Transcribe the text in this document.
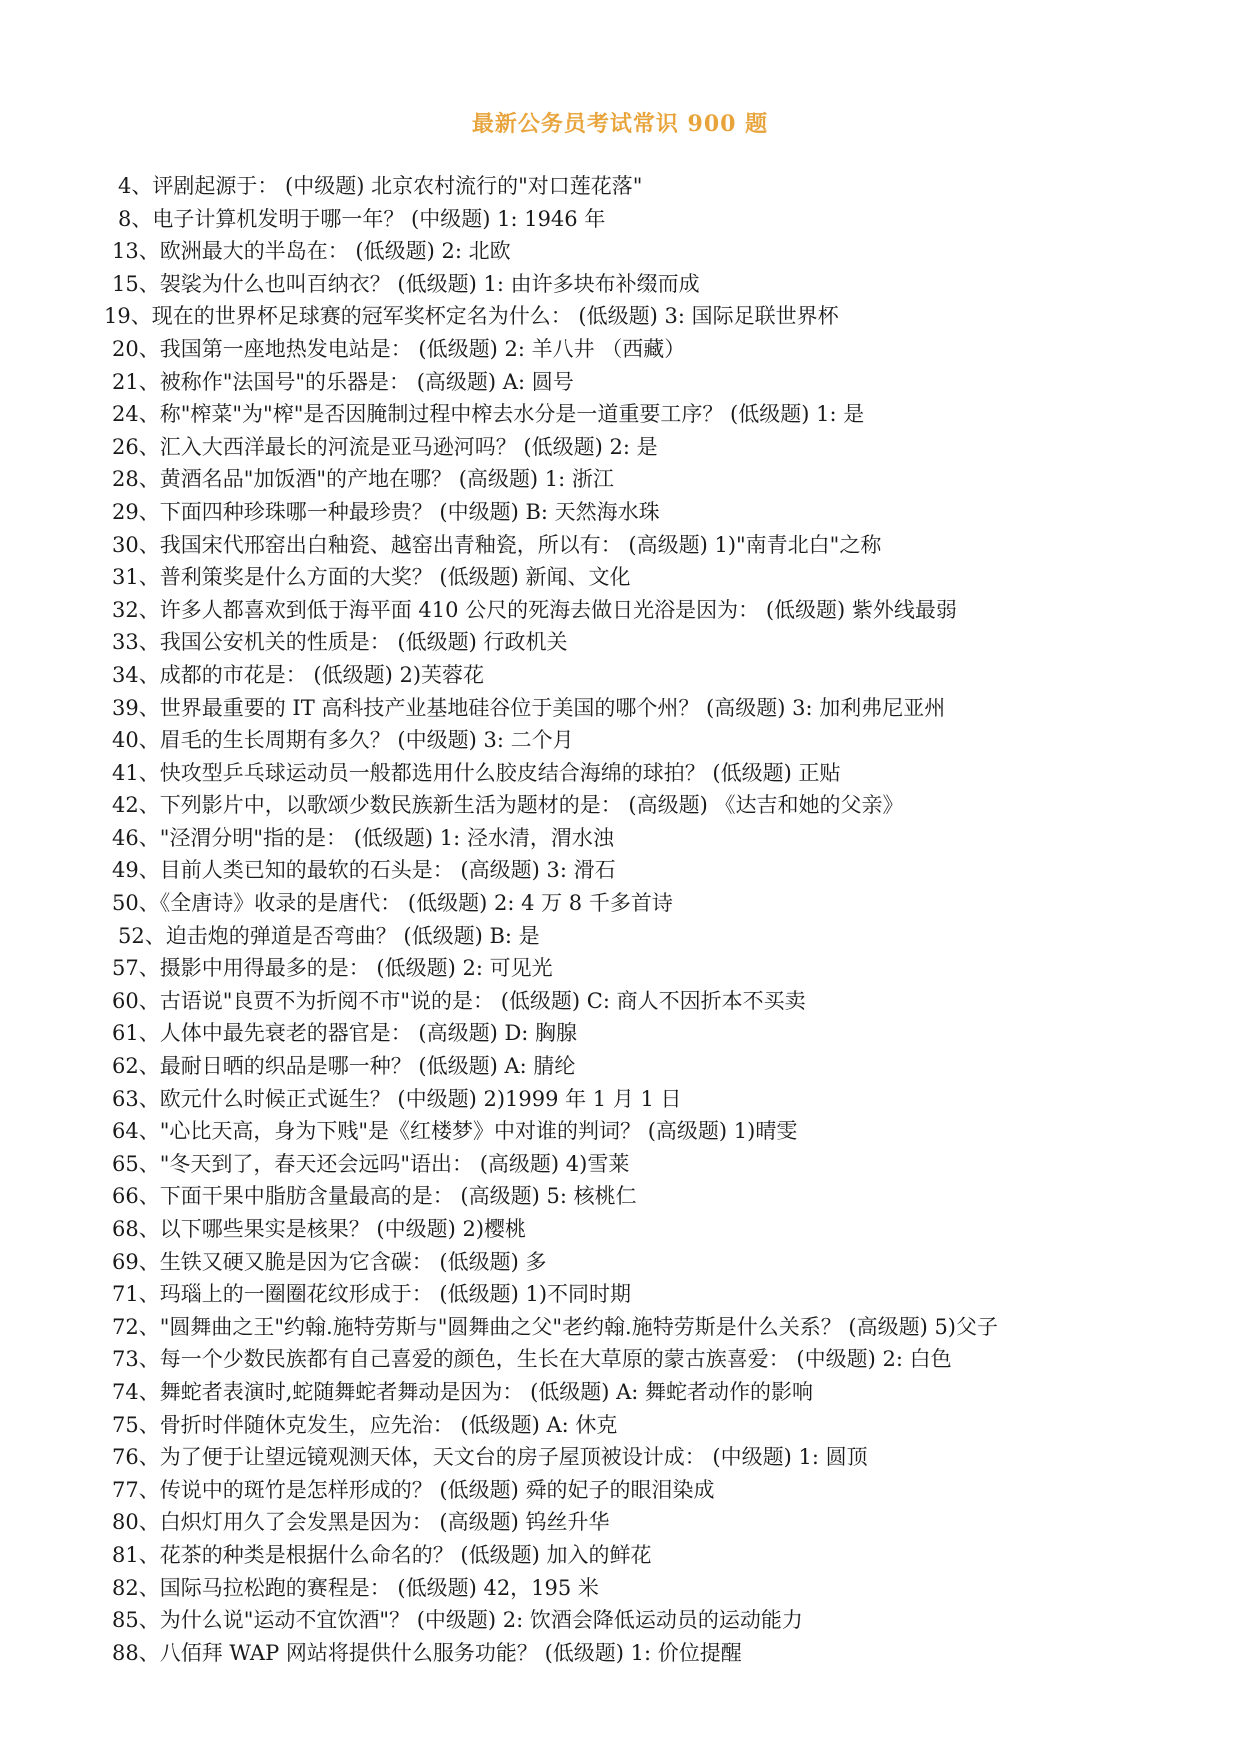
最新公务员考试常识 900 题
4、评剧起源于： (中级题) 北京农村流行的"对口莲花落"
8、电子计算机发明于哪一年？ (中级题) 1: 1946 年
13、欧洲最大的半岛在： (低级题) 2: 北欧
15、袈裟为什么也叫百纳衣？ (低级题) 1: 由许多块布补缀而成
19、现在的世界杯足球赛的冠军奖杯定名为什么： (低级题) 3: 国际足联世界杯
20、我国第一座地热发电站是： (低级题) 2: 羊八井 （西藏）
21、被称作"法国号"的乐器是： (高级题) A: 圆号
24、称"榨菜"为"榨"是否因腌制过程中榨去水分是一道重要工序？ (低级题) 1: 是
26、汇入大西洋最长的河流是亚马逊河吗？ (低级题) 2: 是
28、黄酒名品"加饭酒"的产地在哪？ (高级题) 1: 浙江
29、下面四种珍珠哪一种最珍贵？ (中级题) B: 天然海水珠
30、我国宋代邢窑出白釉瓷、越窑出青釉瓷，所以有： (高级题) 1)"南青北白"之称
31、普利策奖是什么方面的大奖？ (低级题) 新闻、文化
32、许多人都喜欢到低于海平面 410 公尺的死海去做日光浴是因为： (低级题) 紫外线最弱
33、我国公安机关的性质是： (低级题) 行政机关
34、成都的市花是： (低级题) 2)芙蓉花
39、世界最重要的 IT 高科技产业基地硅谷位于美国的哪个州？ (高级题) 3: 加利弗尼亚州
40、眉毛的生长周期有多久？ (中级题) 3: 二个月
41、快攻型乒乓球运动员一般都选用什么胶皮结合海绵的球拍？ (低级题) 正贴
42、下列影片中，以歌颂少数民族新生活为题材的是： (高级题) 《达吉和她的父亲》
46、"泾渭分明"指的是： (低级题) 1: 泾水清，渭水浊
49、目前人类已知的最软的石头是： (高级题) 3: 滑石
50、《全唐诗》收录的是唐代： (低级题) 2: 4 万 8 千多首诗
52、迫击炮的弹道是否弯曲？ (低级题) B: 是
57、摄影中用得最多的是： (低级题) 2: 可见光
60、古语说"良贾不为折阅不市"说的是： (低级题) C: 商人不因折本不买卖
61、人体中最先衰老的器官是： (高级题) D: 胸腺
62、最耐日晒的织品是哪一种？ (低级题) A: 腈纶
63、欧元什么时候正式诞生？ (中级题) 2)1999 年 1 月 1 日
64、"心比天高，身为下贱"是《红楼梦》中对谁的判词？ (高级题) 1)晴雯
65、"冬天到了，春天还会远吗"语出： (高级题) 4)雪莱
66、下面干果中脂肪含量最高的是： (高级题) 5: 核桃仁
68、以下哪些果实是核果？ (中级题) 2)樱桃
69、生铁又硬又脆是因为它含碳： (低级题) 多
71、玛瑙上的一圈圈花纹形成于： (低级题) 1)不同时期
72、"圆舞曲之王"约翰.施特劳斯与"圆舞曲之父"老约翰.施特劳斯是什么关系？ (高级题) 5)父子
73、每一个少数民族都有自己喜爱的颜色，生长在大草原的蒙古族喜爱： (中级题) 2: 白色
74、舞蛇者表演时,蛇随舞蛇者舞动是因为： (低级题) A: 舞蛇者动作的影响
75、骨折时伴随休克发生，应先治： (低级题) A: 休克
76、为了便于让望远镜观测天体，天文台的房子屋顶被设计成： (中级题) 1: 圆顶
77、传说中的斑竹是怎样形成的？ (低级题) 舜的妃子的眼泪染成
80、白炽灯用久了会发黑是因为： (高级题) 钨丝升华
81、花茶的种类是根据什么命名的？ (低级题) 加入的鲜花
82、国际马拉松跑的赛程是： (低级题) 42，195 米
85、为什么说"运动不宜饮酒"？ (中级题) 2: 饮酒会降低运动员的运动能力
88、八佰拜 WAP 网站将提供什么服务功能？ (低级题) 1: 价位提醒
